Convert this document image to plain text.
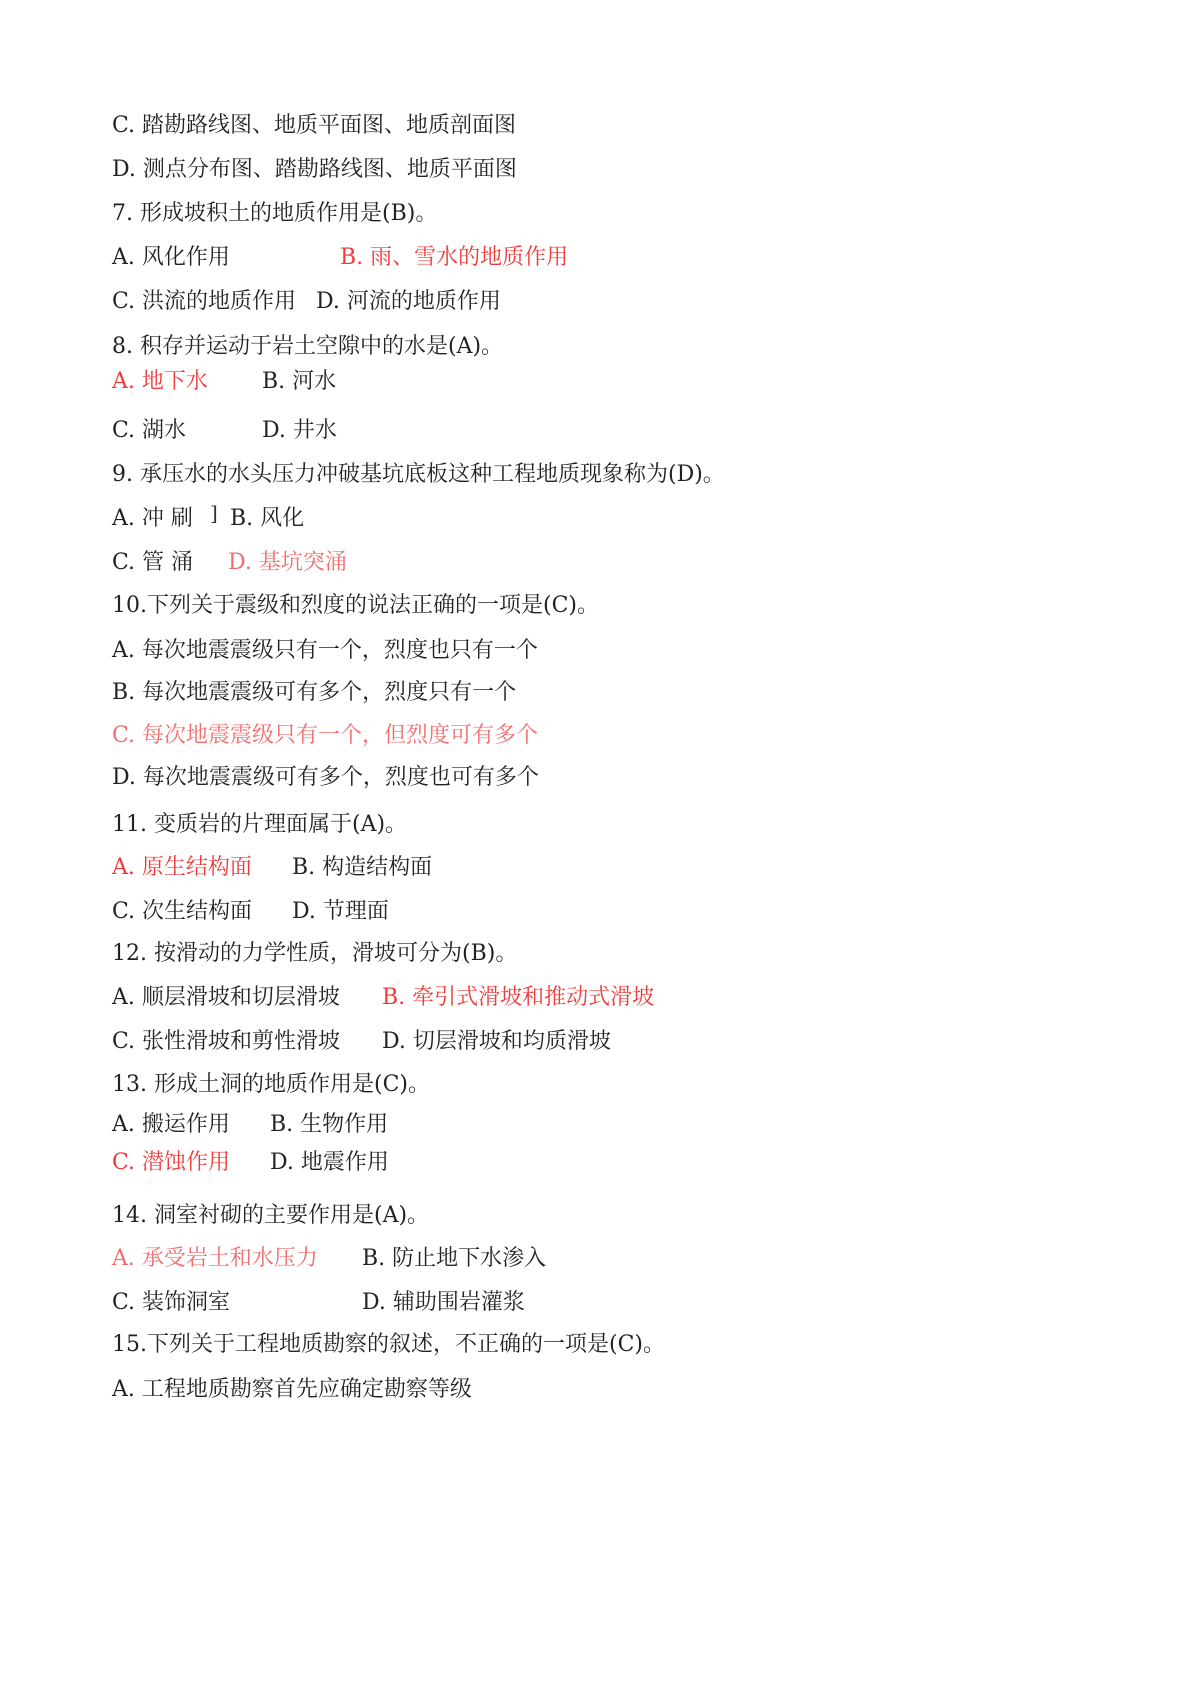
C. 踏勘路线图、地质平面图、地质剖面图
D. 测点分布图、踏勘路线图、地质平面图
7. 形成坡积土的地质作用是(B)。
A. 风化作用	B. 雨、雪水的地质作用
C. 洪流的地质作用 D. 河流的地质作用
8. 积存并运动于岩土空隙中的水是(A)。
A. 地下水 B. 河水
C. 湖水	D. 井水
9. 承压水的水头压力冲破基坑底板这种工程地质现象称为(D)。
A. 冲 刷 ] B. 风化
C. 管 涌 D. 基坑突涌
10.下列关于震级和烈度的说法正确的一项是(C)。
A. 每次地震震级只有一个，烈度也只有一个
B. 每次地震震级可有多个，烈度只有一个
C. 每次地震震级只有一个，但烈度可有多个
D. 每次地震震级可有多个，烈度也可有多个
11. 变质岩的片理面属于(A)。
A. 原生结构面 B. 构造结构面
C. 次生结构面 D. 节理面
12. 按滑动的力学性质，滑坡可分为(B)。
A. 顺层滑坡和切层滑坡 B. 牵引式滑坡和推动式滑坡
C. 张性滑坡和剪性滑坡 D. 切层滑坡和均质滑坡
13. 形成土洞的地质作用是(C)。
A. 搬运作用 B. 生物作用
C. 潜蚀作用 D. 地震作用
14. 洞室衬砌的主要作用是(A)。
A. 承受岩土和水压力 B. 防止地下水渗入
C. 装饰洞室	D. 辅助围岩灌浆
15.下列关于工程地质勘察的叙述，不正确的一项是(C)。
A. 工程地质勘察首先应确定勘察等级
